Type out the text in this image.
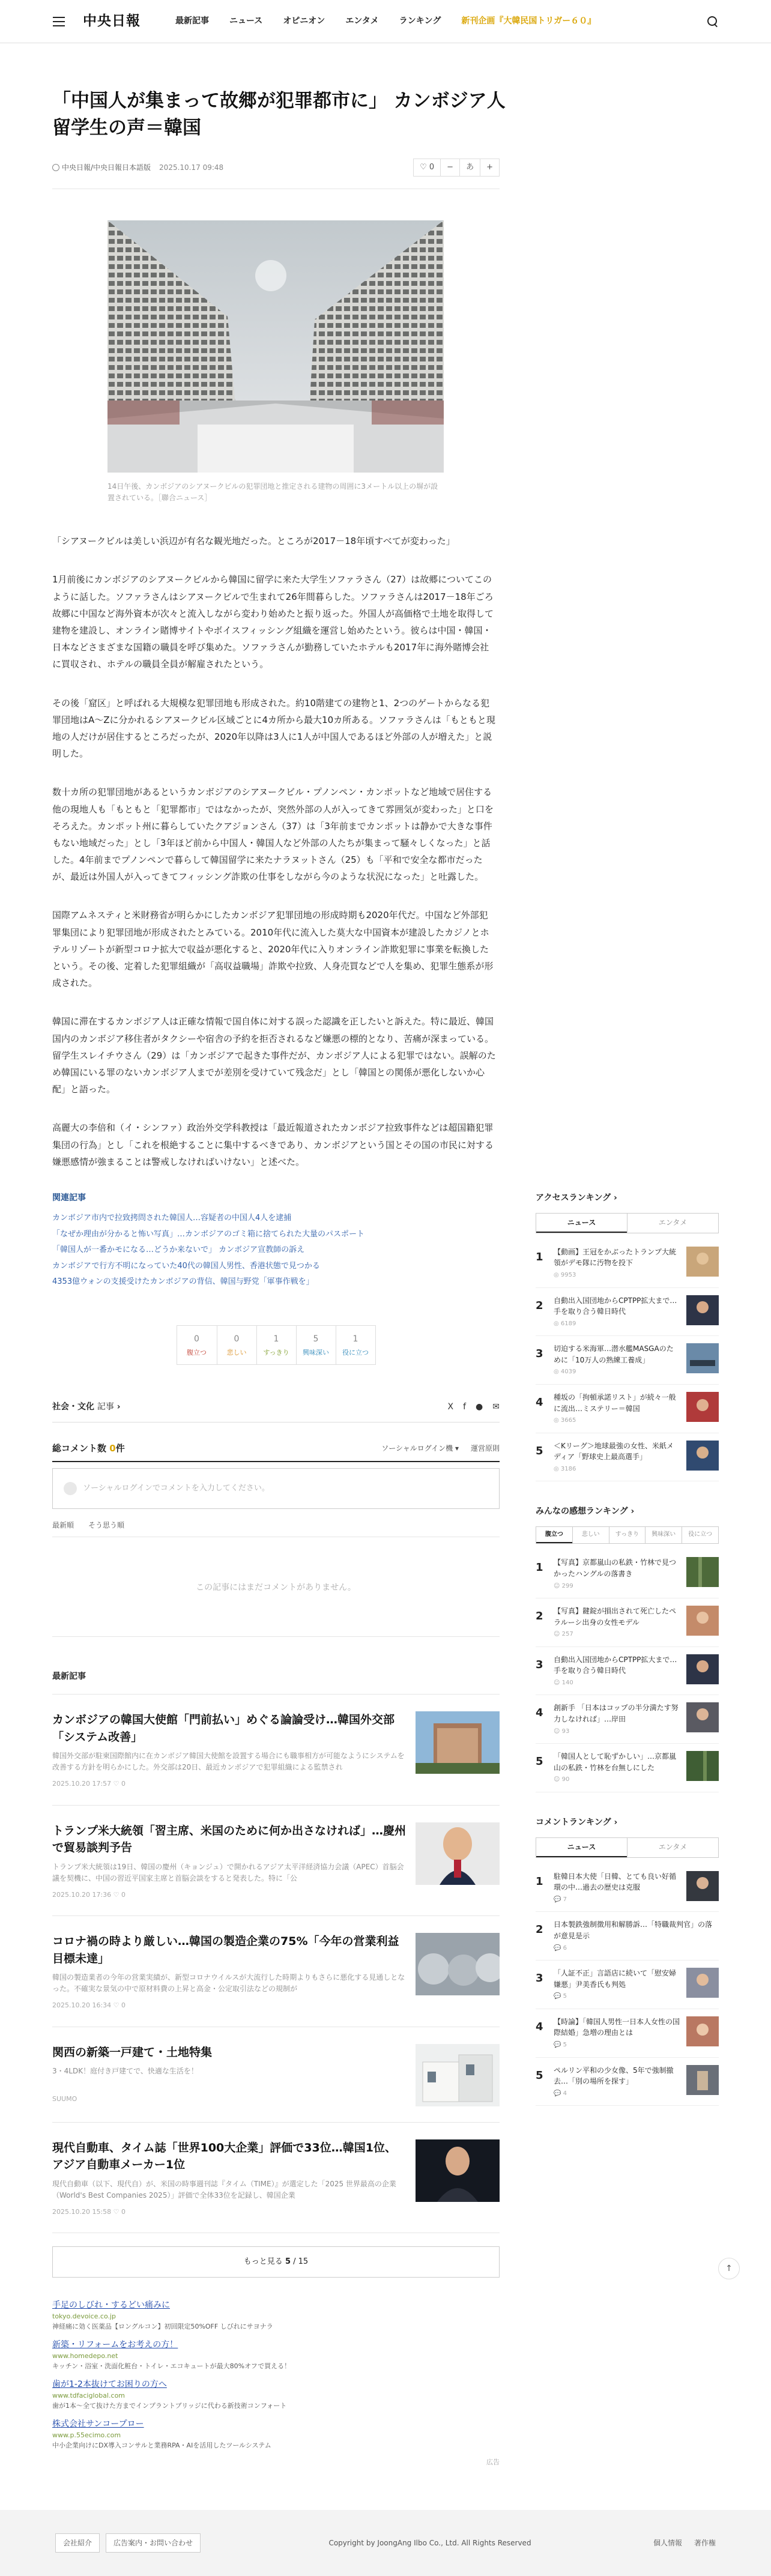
中央日報	最新記事 ニュース オピニオン エンタメ ランキング 新刊企画『大韓民国トリガー６０』
「中国人が集まって故郷が犯罪都市に」 カンボジア人留学生の声＝韓国
中央日報/中央日報日本語版 2025.10.17 09:48	♡ 0	−	あ	+
14日午後、カンボジアのシアヌークビルの犯罪団地と推定される建物の周囲に3メートル以上の塀が設置されている。［聯合ニュース］

「シアヌークビルは美しい浜辺が有名な観光地だった。ところが2017－18年頃すべてが変わった」

1月前後にカンボジアのシアヌークビルから韓国に留学に来た大学生ソファラさん（27）は故郷についてこのように話した。ソファラさんはシアヌークビルで生まれて26年間暮らした。ソファラさんは2017－18年ごろ故郷に中国など海外資本が次々と流入しながら変わり始めたと振り返った。外国人が高価格で土地を取得して建物を建設し、オンライン賭博サイトやボイスフィッシング組織を運営し始めたという。彼らは中国・韓国・日本などさまざまな国籍の職員を呼び集めた。ソファラさんが勤務していたホテルも2017年に海外賭博会社に買収され、ホテルの職員全員が解雇されたという。

その後「窟区」と呼ばれる大規模な犯罪団地も形成された。約10階建ての建物と1、2つのゲートからなる犯罪団地はA～Zに分かれるシアヌークビル区域ごとに4カ所から最大10カ所ある。ソファラさんは「もともと現地の人だけが居住するところだったが、2020年以降は3人に1人が中国人であるほど外部の人が増えた」と説明した。

数十カ所の犯罪団地があるというカンボジアのシアヌークビル・プノンペン・カンポットなど地域で居住する他の現地人も「もともと「犯罪都市」ではなかったが、突然外部の人が入ってきて雰囲気が変わった」と口をそろえた。カンポット州に暮らしていたクアジョンさん（37）は「3年前までカンポットは静かで大きな事件もない地域だった」とし「3年ほど前から中国人・韓国人など外部の人たちが集まって騒々しくなった」と話した。4年前までプノンペンで暮らして韓国留学に来たナラヌットさん（25）も「平和で安全な都市だったが、最近は外国人が入ってきてフィッシング詐欺の仕事をしながら今のような状況になった」と吐露した。

国際アムネスティと米財務省が明らかにしたカンボジア犯罪団地の形成時期も2020年代だ。中国など外部犯罪集団により犯罪団地が形成されたとみている。2010年代に流入した莫大な中国資本が建設したカジノとホテルリゾートが新型コロナ拡大で収益が悪化すると、2020年代に入りオンライン詐欺犯罪に事業を転換したという。その後、定着した犯罪組織が「高収益職場」詐欺や拉致、人身売買などで人を集め、犯罪生態系が形成された。

韓国に滞在するカンボジア人は正確な情報で国自体に対する誤った認識を正したいと訴えた。特に最近、韓国国内のカンボジア移住者がタクシーや宿舎の予約を拒否されるなど嫌悪の標的となり、苦痛が深まっている。留学生スレイチウさん（29）は「カンボジアで起きた事件だが、カンボジア人による犯罪ではない。誤解のため韓国にいる罪のないカンボジア人までが差別を受けていて残念だ」とし「韓国との関係が悪化しないか心配」と語った。

高麗大の李倍和（イ・シンファ）政治外交学科教授は「最近報道されたカンボジア拉致事件などは超国籍犯罪集団の行為」とし「これを根絶することに集中するべきであり、カンボジアという国とその国の市民に対する嫌悪感情が強まることは警戒しなければいけない」と述べた。

関連記事
カンボジア市内で拉致拷問された韓国人…容疑者の中国人4人を逮捕
「なぜか理由が分かると怖い写真」…カンボジアのゴミ箱に捨てられた大量のパスポート
「韓国人が一番かモになる…どうか来ないで」 カンボジア宣教師の訴え
カンボジアで行方不明になっていた40代の韓国人男性、香港状態で見つかる
4353億ウォンの支援受けたカンボジアの背信、韓国与野党「軍事作戦を」
0
腹立つ
0
悲しい
1
すっきり
5
興味深い
1
役に立つ
社会・文化 記事 ›	X f ● ✉
総コメント数 0件	ソーシャルログイン機 ▾ 運営原則
ソーシャルログインでコメントを入力してください。
最新順 そう思う順
この記事にはまだコメントがありません。
最新記事
カンボジアの韓国大使館「門前払い」めぐる論論受け…韓国外交部「システム改善」
韓国外交部が駐柬国際館内に在カンボジア韓国大使館を設置する場合にも職事相方が可能なようにシステムを改善する方針を明らかにした。外交部は20日、最近カンボジアで犯罪組織による監禁され
2025.10.20 17:57 ♡ 0
トランプ米大統領「習主席、米国のために何か出さなければ」…慶州で貿易談判予告
トランプ米大統領は19日、韓国の慶州（キョンジュ）で開かれるアジア太平洋経済協力会議（APEC）首脳会議を契機に、中国の習近平国家主席と首脳会談をすると発表した。特に「公
2025.10.20 17:36 ♡ 0
コロナ禍の時より厳しい…韓国の製造企業の75%「今年の営業利益目標未達」
韓国の製造業者の今年の営業実績が、新型コロナウイルスが大流行した時期よりもさらに悪化する見通しとなった。不確実な景気の中で原材料費の上昇と高金・公定取引法などの規制が
2025.10.20 16:34 ♡ 0
関西の新築一戸建て・土地特集
3・4LDK！庭付き戸建てで、快適な生活を！
SUUMO
現代自動車、タイム誌「世界100大企業」評価で33位…韓国1位、アジア自動車メーカー1位
現代自動車（以下、現代自）が、米国の時事週刊誌『タイム（TIME）』が選定した「2025 世界最高の企業（World's Best Companies 2025）」評価で全体33位を記録し、韓国企業
2025.10.20 15:58 ♡ 0
もっと見る 5 / 15
手足のしびれ・するどい痛みに
tokyo.devoice.co.jp
神経痛に効く医薬品【ロングルコン】初回限定50%OFF しびれにサヨナラ
新築・リフォームをお考えの方！
www.homedepo.net
キッチン・浴室・洗面化粧台・トイレ・エコキュートが最大80%オフで買える！
歯が1-2本抜けてお困りの方へ
www.tdfaciglobal.com
歯が1本～全て抜けた方までインプラントブリッジに代わる新技術コンフォート
株式会社サンコープロー
www.p.55ecimo.com
中小企業向けにDX導入コンサルと業務RPA・AIを活用したツールシステム
広告
アクセスランキング ›
ニュース	エンタメ
1	【動画】王冠をかぶったトランプ大統領がデモ隊に汚物を投下
◎ 9953
2	自動出入国団地からCPTPP拡大まで…手を取り合う韓日時代
◎ 6189
3	切迫する米海軍…潜水艦MASGAのために「10万人の熟練工養成」
◎ 4039
4	種坂の「拘頓承諾リスト」が続々一般に流出…ミステリー＝韓国
◎ 3665
5	＜Kリーグ＞地球最強の女性、米紙メディア「野球史上最高選手」
◎ 3186
みんなの感想ランキング ›
腹立つ	悲しい	すっきり	興味深い	役に立つ
1	【写真】京都嵐山の私鉄・竹林で見つかったハングルの落書き
☺ 299
2	【写真】鍵錠が損出されて死亡したペラルーシ出身の女性モデル
☺ 257
3	自動出入国団地からCPTPP拡大まで…手を取り合う韓日時代
☺ 140
4	創新手 「日本はコップの半分満たす努力しなければ」…岸田
☺ 93
5	「韓国人として恥ずかしい」…京都嵐山の私鉄・竹林を台無しにした
☺ 90
コメントランキング ›
ニュース	エンタメ
1	駐韓日本大使「日韓、とても良い好循環の中…過去の歴史は克服
💬 7
2	日本製鉄強制徴用和解勝訴…「特職裁判官」の落が意見是示
💬 6
3	「人証不正」言語店に続いて「慰安婦嫌悪」尹美香氏も判処
💬 5
4	【時論】「韓国人男性一日本人女性の国際結婚」急増の理由とは
💬 5
5	ペルリン平和の少女像、5年で強制撤去…「別の場所を探す」
💬 4
↑
会社紹介	広告案内・お問い合わせ	Copyright by JoongAng Ilbo Co., Ltd. All Rights Reserved	個人情報 著作権
